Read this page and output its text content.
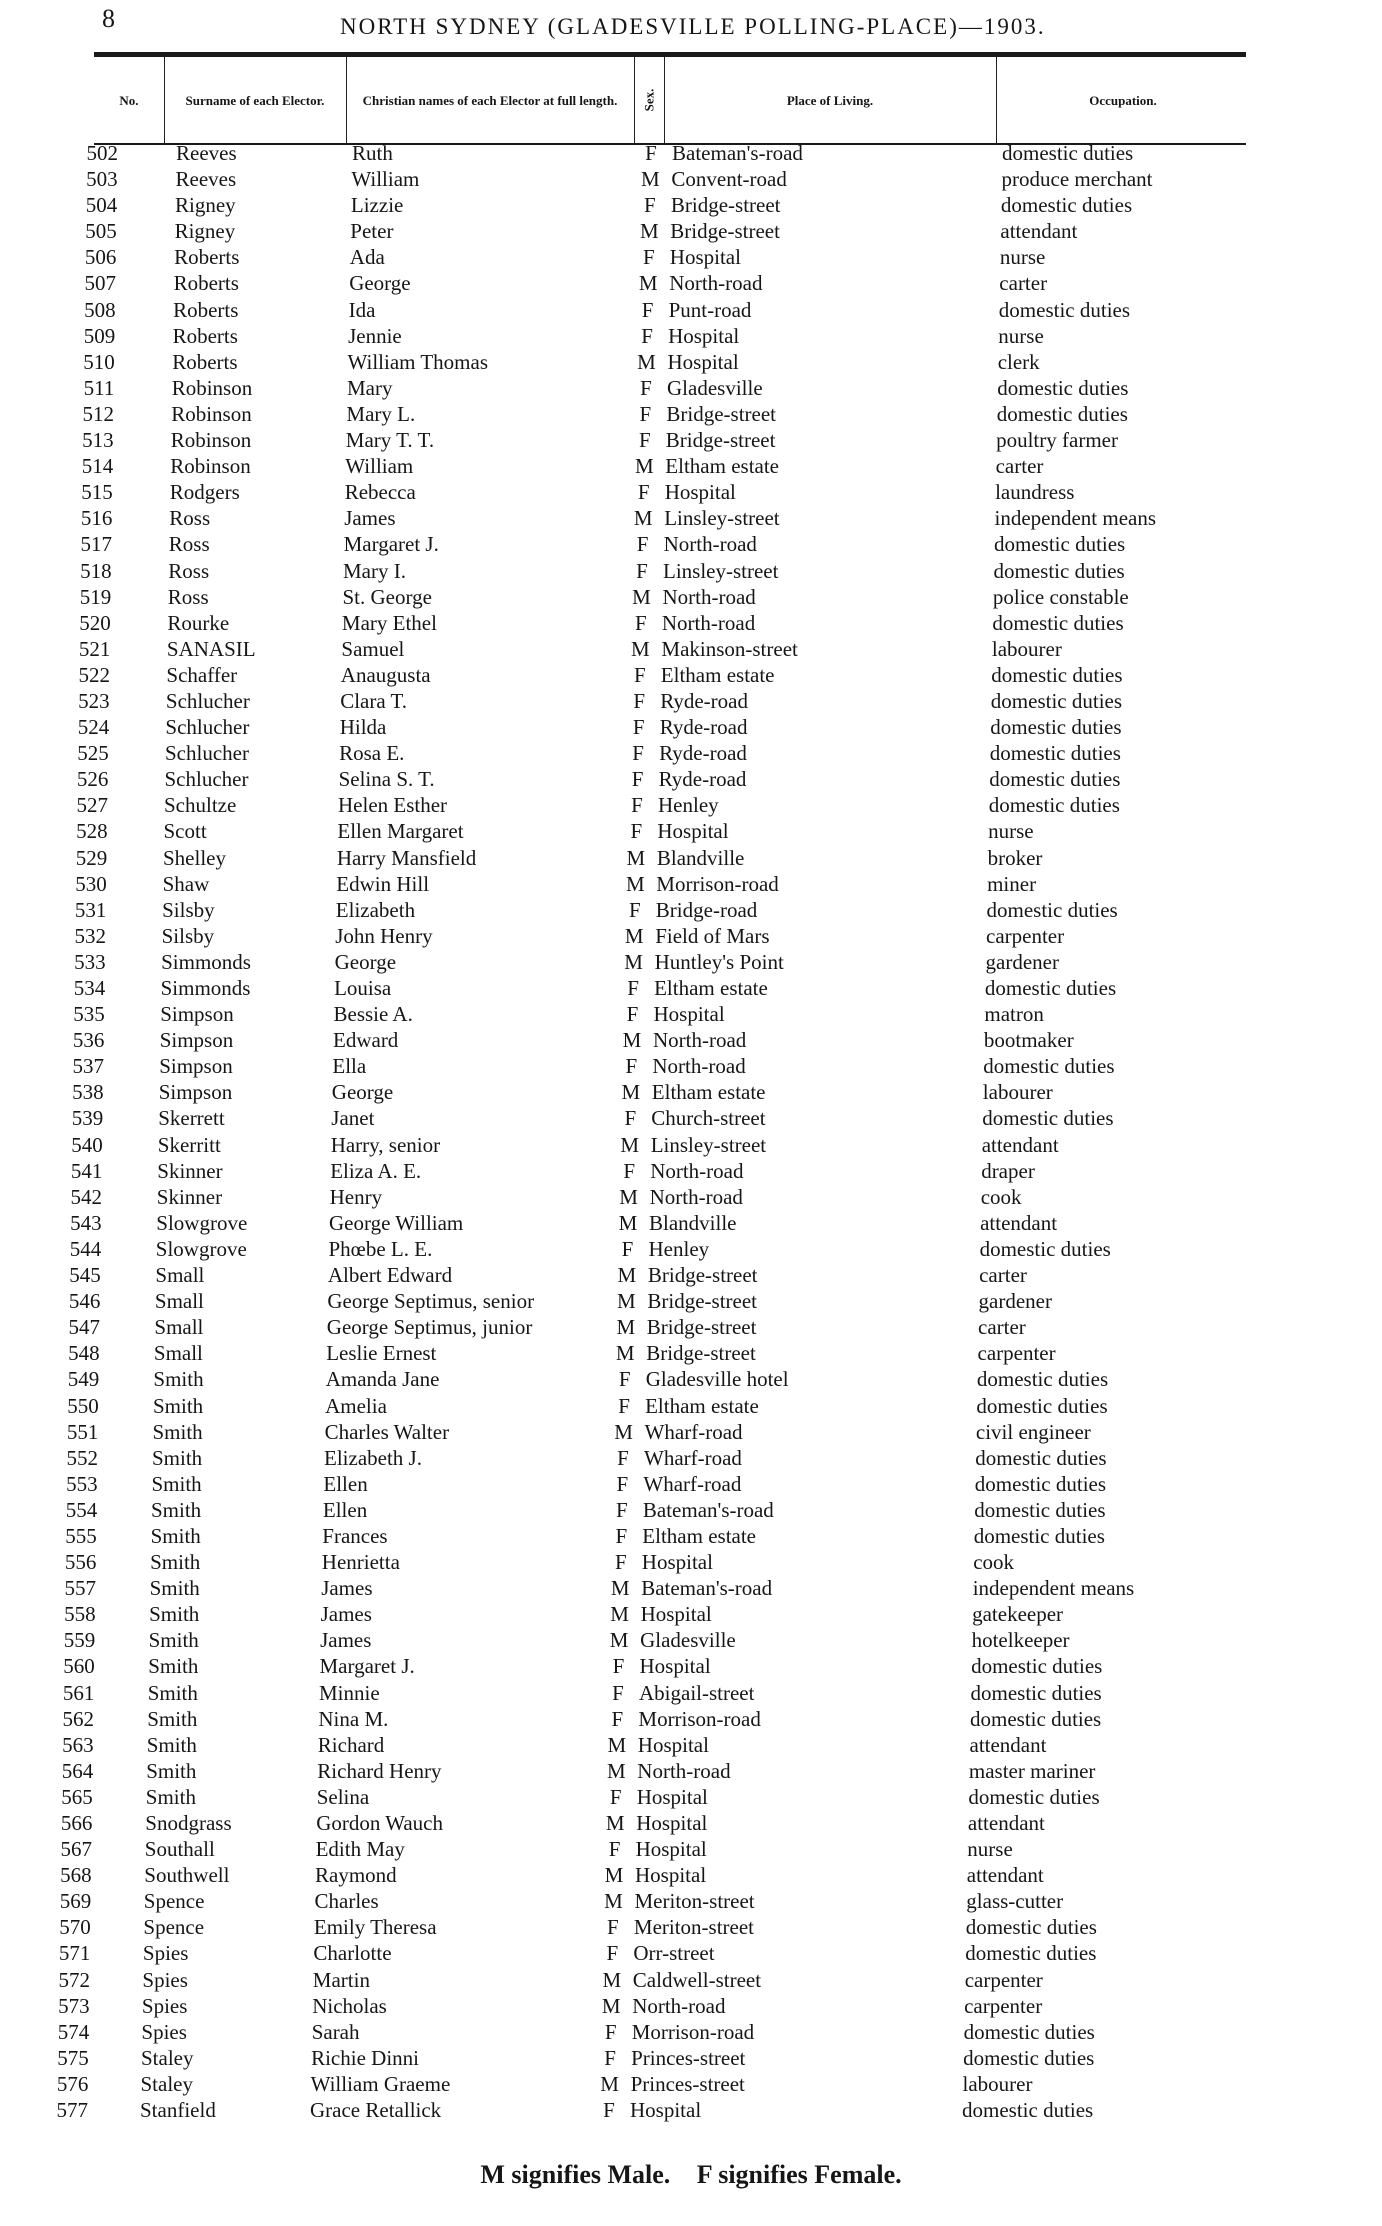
8	NORTH SYDNEY (GLADESVILLE POLLING-PLACE)—1903.
No.	Surname of each Elector.	Christian names of each Elector at full length.	Sex.	Place of Living.	Occupation.
502	Reeves	Ruth	F Bateman's-road	domestic duties
503	Reeves	William	M Convent-road	produce merchant
504	Rigney	Lizzie	F Bridge-street	domestic duties
505	Rigney	Peter	M Bridge-street	attendant
506	Roberts	Ada	F Hospital	nurse
507	Roberts	George	M North-road	carter
508	Roberts	Ida	F Punt-road	domestic duties
509	Roberts	Jennie	F Hospital	nurse
510	Roberts	William Thomas	M Hospital	clerk
511	Robinson	Mary	F Gladesville	domestic duties
512	Robinson	Mary L.	F Bridge-street	domestic duties
513	Robinson	Mary T. T.	F Bridge-street	poultry farmer
514	Robinson	William	M Eltham estate	carter
515	Rodgers	Rebecca	F Hospital	laundress
516	Ross	James	M Linsley-street	independent means
517	Ross	Margaret J.	F North-road	domestic duties
518	Ross	Mary I.	F Linsley-street	domestic duties
519	Ross	St. George	M North-road	police constable
520	Rourke	Mary Ethel	F North-road	domestic duties
521	SANASIL	Samuel	M Makinson-street	labourer
522	Schaffer	Anaugusta	F Eltham estate	domestic duties
523	Schlucher	Clara T.	F Ryde-road	domestic duties
524	Schlucher	Hilda	F Ryde-road	domestic duties
525	Schlucher	Rosa E.	F Ryde-road	domestic duties
526	Schlucher	Selina S. T.	F Ryde-road	domestic duties
527	Schultze	Helen Esther	F Henley	domestic duties
528	Scott	Ellen Margaret	F Hospital	nurse
529	Shelley	Harry Mansfield	M Blandville	broker
530	Shaw	Edwin Hill	M Morrison-road	miner
531	Silsby	Elizabeth	F Bridge-road	domestic duties
532	Silsby	John Henry	M Field of Mars	carpenter
533	Simmonds	George	M Huntley's Point	gardener
534	Simmonds	Louisa	F Eltham estate	domestic duties
535	Simpson	Bessie A.	F Hospital	matron
536	Simpson	Edward	M North-road	bootmaker
537	Simpson	Ella	F North-road	domestic duties
538	Simpson	George	M Eltham estate	labourer
539	Skerrett	Janet	F Church-street	domestic duties
540	Skerritt	Harry, senior	M Linsley-street	attendant
541	Skinner	Eliza A. E.	F North-road	draper
542	Skinner	Henry	M North-road	cook
543	Slowgrove	George William	M Blandville	attendant
544	Slowgrove	Phœbe L. E.	F Henley	domestic duties
545	Small	Albert Edward	M Bridge-street	carter
546	Small	George Septimus, senior	M Bridge-street	gardener
547	Small	George Septimus, junior	M Bridge-street	carter
548	Small	Leslie Ernest	M Bridge-street	carpenter
549	Smith	Amanda Jane	F Gladesville hotel	domestic duties
550	Smith	Amelia	F Eltham estate	domestic duties
551	Smith	Charles Walter	M Wharf-road	civil engineer
552	Smith	Elizabeth J.	F Wharf-road	domestic duties
553	Smith	Ellen	F Wharf-road	domestic duties
554	Smith	Ellen	F Bateman's-road	domestic duties
555	Smith	Frances	F Eltham estate	domestic duties
556	Smith	Henrietta	F Hospital	cook
557	Smith	James	M Bateman's-road	independent means
558	Smith	James	M Hospital	gatekeeper
559	Smith	James	M Gladesville	hotelkeeper
560	Smith	Margaret J.	F Hospital	domestic duties
561	Smith	Minnie	F Abigail-street	domestic duties
562	Smith	Nina M.	F Morrison-road	domestic duties
563	Smith	Richard	M Hospital	attendant
564	Smith	Richard Henry	M North-road	master mariner
565	Smith	Selina	F Hospital	domestic duties
566	Snodgrass	Gordon Wauch	M Hospital	attendant
567	Southall	Edith May	F Hospital	nurse
568	Southwell	Raymond	M Hospital	attendant
569	Spence	Charles	M Meriton-street	glass-cutter
570	Spence	Emily Theresa	F Meriton-street	domestic duties
571	Spies	Charlotte	F Orr-street	domestic duties
572 Spies	Martin	M Caldwell-street	carpenter
573 Spies	Nicholas	M North-road	carpenter
574 Spies	Sarah	F Morrison-road	domestic duties
575 Staley	Richie Dinni	F Princes-street	domestic duties
576 Staley	William Graeme	M Princes-street	labourer
577 Stanfield	Grace Retallick	F Hospital	domestic duties
M signifies Male. F signifies Female.
